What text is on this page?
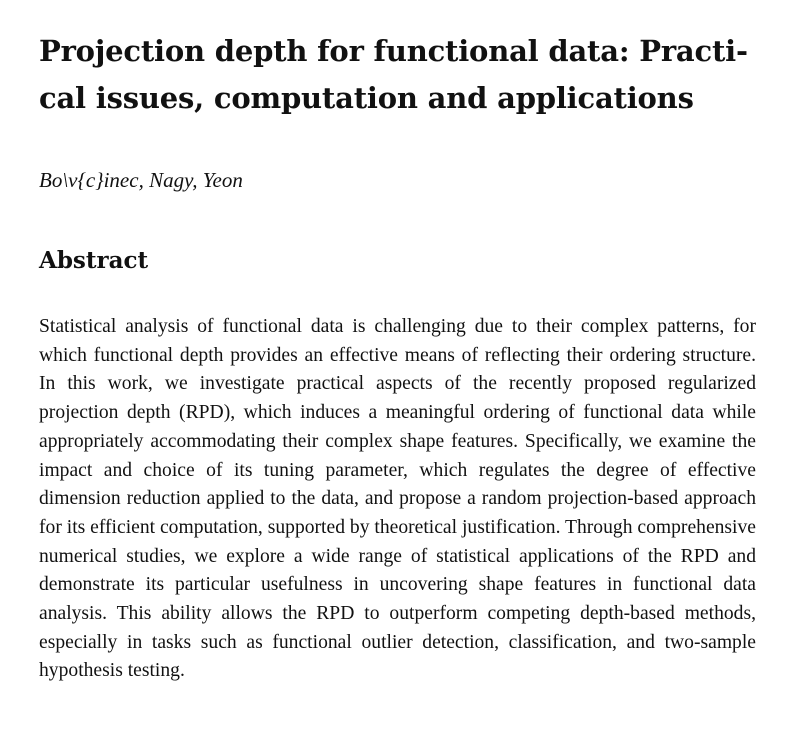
Projection depth for functional data: Practical issues, computation and applications
Bo\v{c}inec, Nagy, Yeon
Abstract

Statistical analysis of functional data is challenging due to their complex patterns, for which functional depth provides an effective means of reflecting their ordering structure. In this work, we investigate practical aspects of the recently proposed regularized projection depth (RPD), which induces a meaningful ordering of functional data while appropriately accommodating their complex shape features. Specifically, we examine the impact and choice of its tuning parameter, which regulates the degree of effective dimension reduction applied to the data, and propose a random projection-based approach for its efficient computation, supported by theoretical justification. Through comprehensive numerical studies, we explore a wide range of statistical applications of the RPD and demonstrate its particular usefulness in uncovering shape features in functional data analysis. This ability allows the RPD to outperform competing depth-based methods, especially in tasks such as functional outlier detection, classification, and two-sample hypothesis testing.
